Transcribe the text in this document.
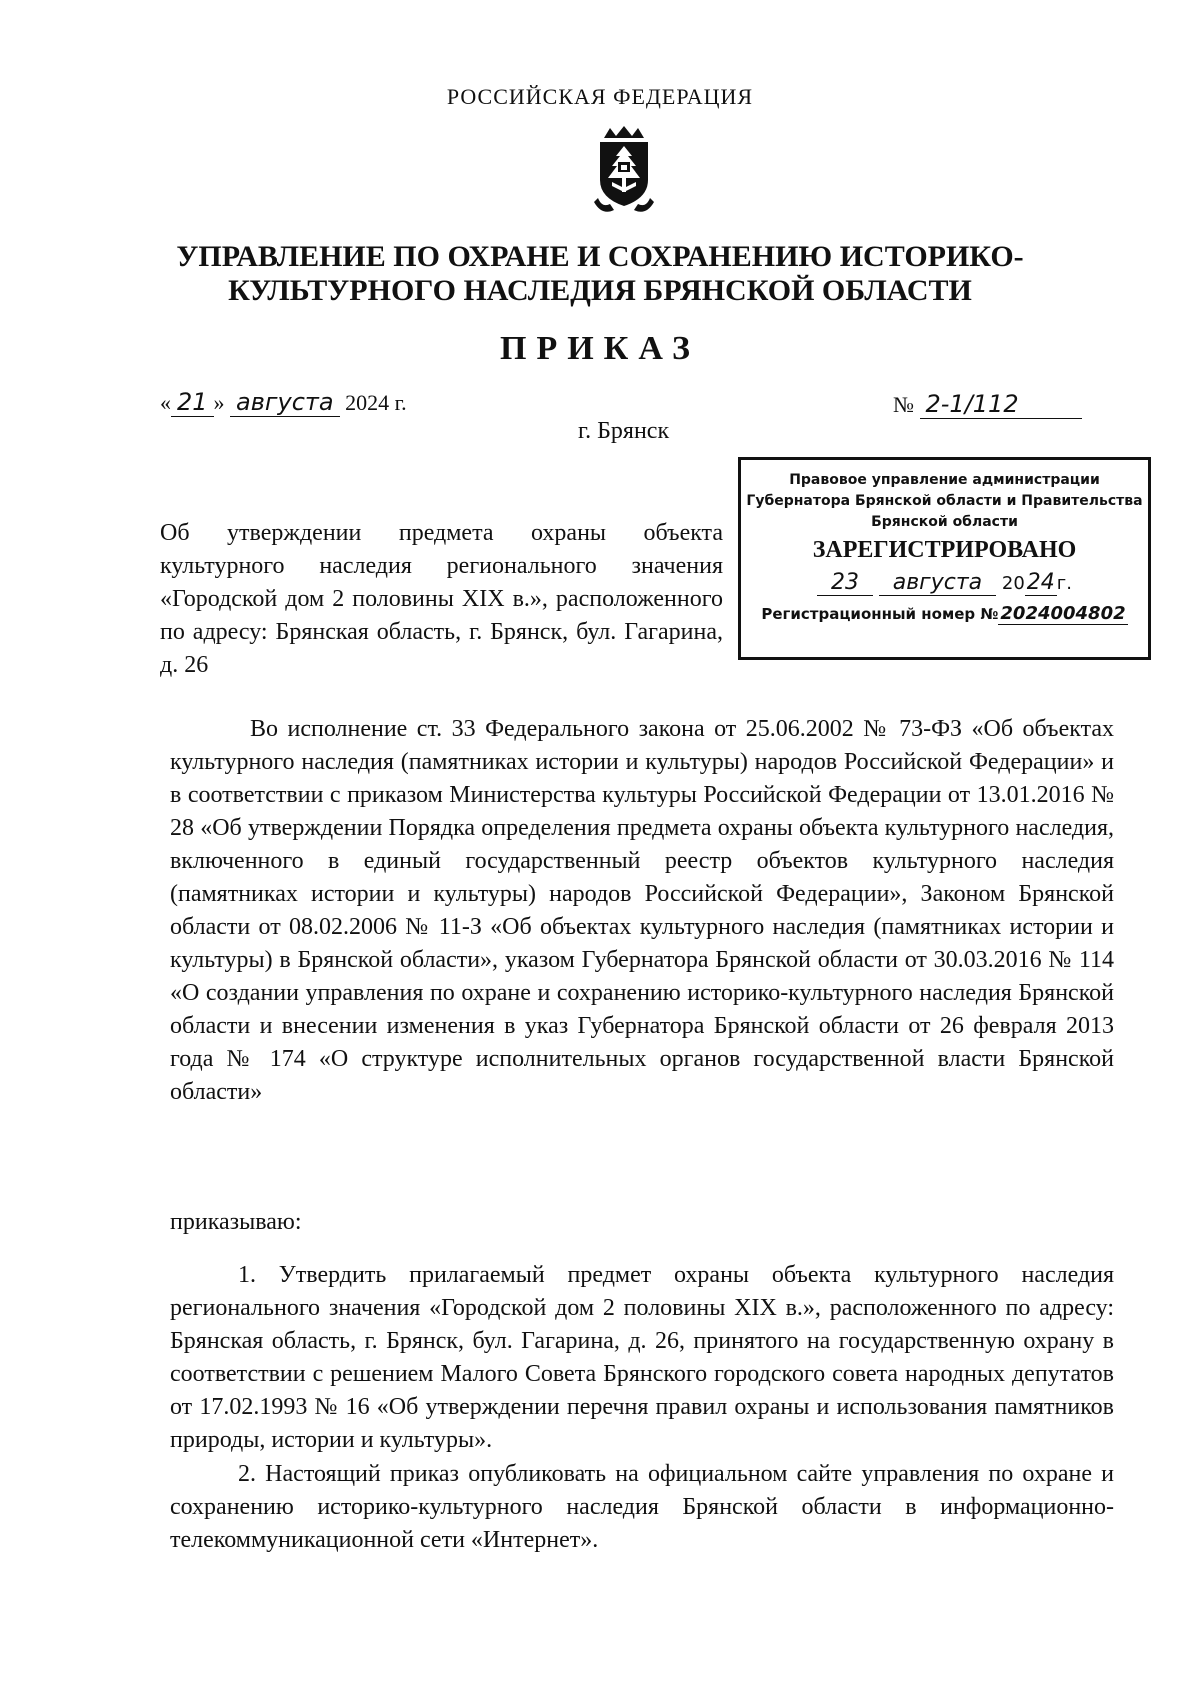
РОССИЙСКАЯ ФЕДЕРАЦИЯ
УПРАВЛЕНИЕ ПО ОХРАНЕ И СОХРАНЕНИЮ ИСТОРИКО-КУЛЬТУРНОГО НАСЛЕДИЯ БРЯНСКОЙ ОБЛАСТИ
ПРИКАЗ
« 21 » августа 2024 г.	№ 2-1/112
г. Брянск
Правовое управление администрации Губернатора Брянской области и Правительства Брянской области
ЗАРЕГИСТРИРОВАНО
23 августа 2024 г.
Регистрационный номер № 2024004802

Об утверждении предмета охраны объекта культурного наследия регионального значения «Городской дом 2 половины XIX в.», расположенного по адресу: Брянская область, г. Брянск, бул. Гагарина, д. 26

Во исполнение ст. 33 Федерального закона от 25.06.2002 № 73-ФЗ «Об объектах культурного наследия (памятниках истории и культуры) народов Российской Федерации» и в соответствии с приказом Министерства культуры Российской Федерации от 13.01.2016 № 28 «Об утверждении Порядка определения предмета охраны объекта культурного наследия, включенного в единый государственный реестр объектов культурного наследия (памятниках истории и культуры) народов Российской Федерации», Законом Брянской области от 08.02.2006 № 11-З «Об объектах культурного наследия (памятниках истории и культуры) в Брянской области», указом Губернатора Брянской области от 30.03.2016 № 114 «О создании управления по охране и сохранению историко-культурного наследия Брянской области и внесении изменения в указ Губернатора Брянской области от 26 февраля 2013 года № 174 «О структуре исполнительных органов государственной власти Брянской области»

приказываю:

1. Утвердить прилагаемый предмет охраны объекта культурного наследия регионального значения «Городской дом 2 половины XIX в.», расположенного по адресу: Брянская область, г. Брянск, бул. Гагарина, д. 26, принятого на государственную охрану в соответствии с решением Малого Совета Брянского городского совета народных депутатов от 17.02.1993 № 16 «Об утверждении перечня правил охраны и использования памятников природы, истории и культуры».

2. Настоящий приказ опубликовать на официальном сайте управления по охране и сохранению историко-культурного наследия Брянской области в информационно-телекоммуникационной сети «Интернет».
